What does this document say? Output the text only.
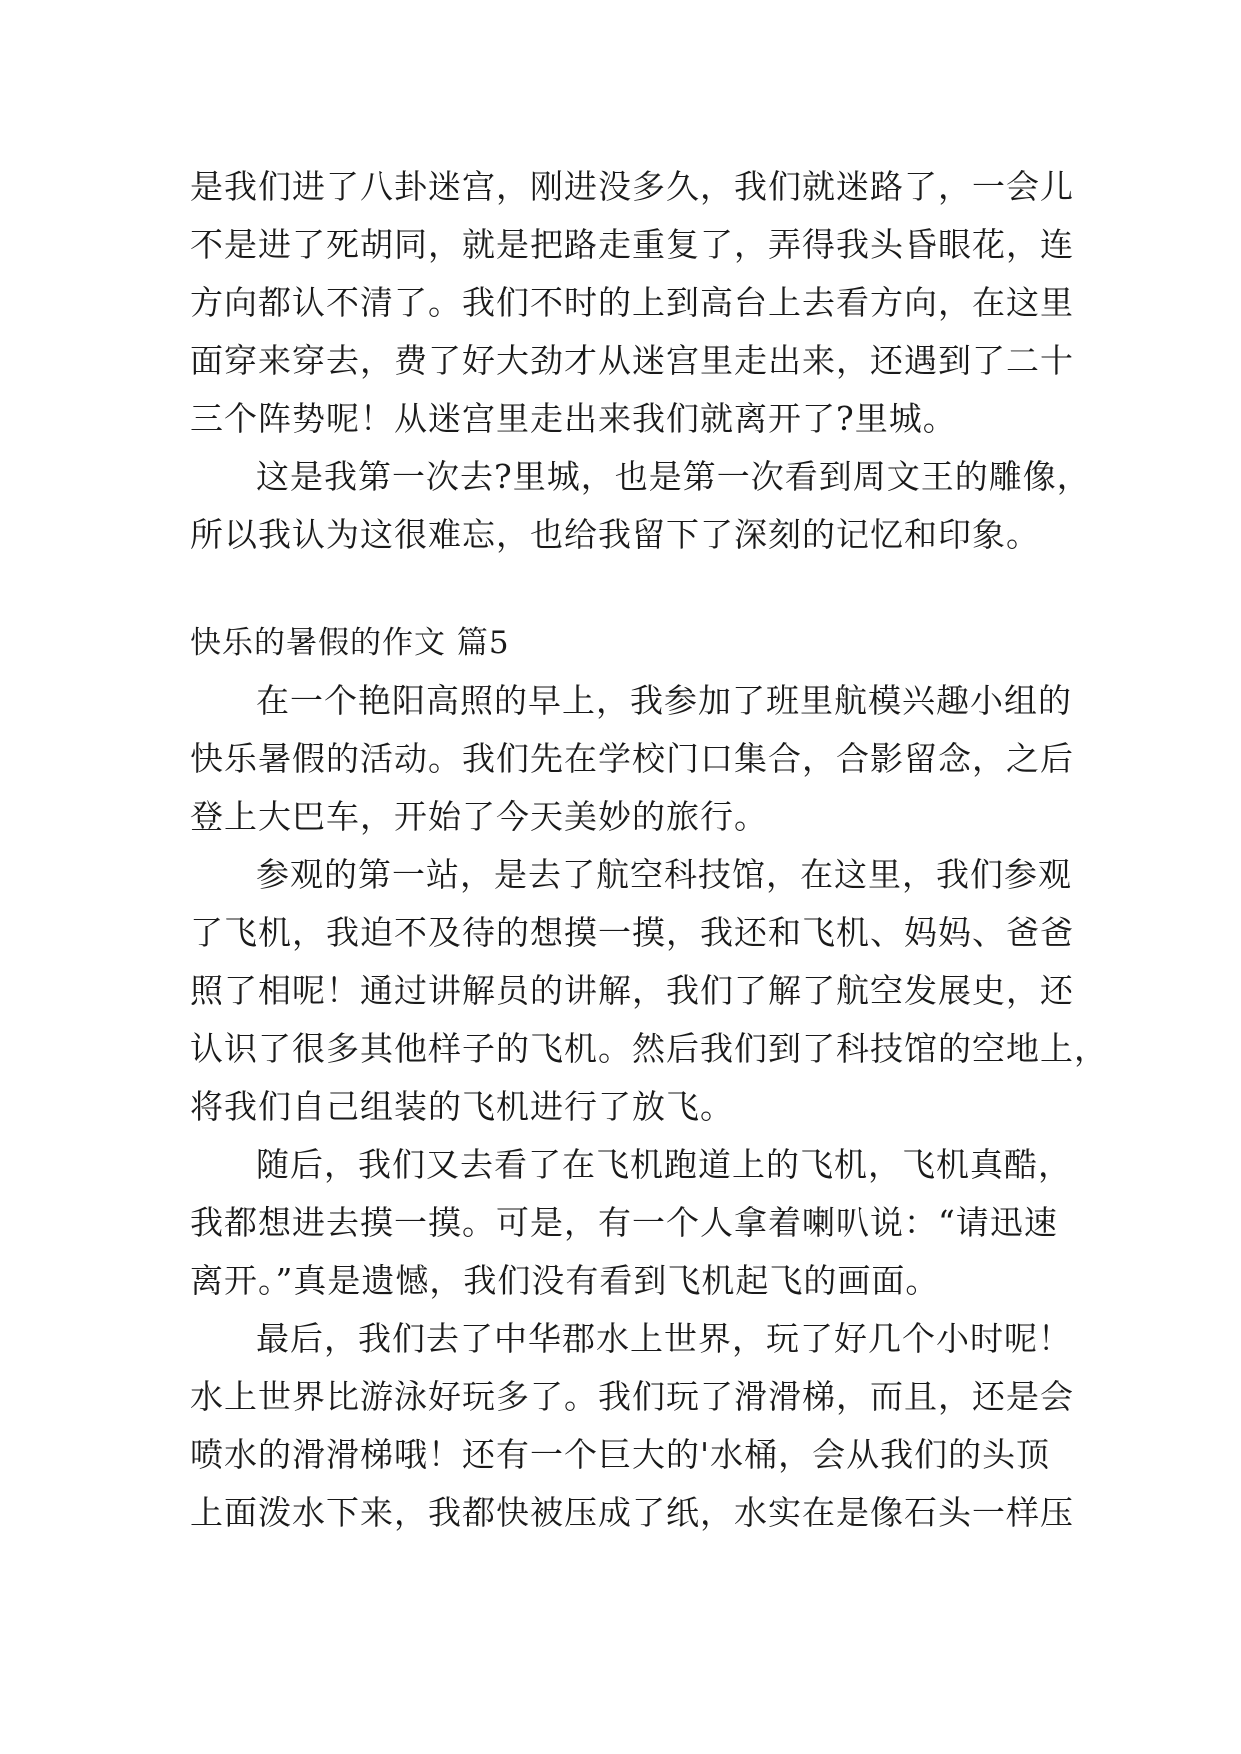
是我们进了八卦迷宫，刚进没多久，我们就迷路了，一会儿
不是进了死胡同，就是把路走重复了，弄得我头昏眼花，连
方向都认不清了。我们不时的上到高台上去看方向，在这里
面穿来穿去，费了好大劲才从迷宫里走出来，还遇到了二十
三个阵势呢！从迷宫里走出来我们就离开了?里城。
这是我第一次去?里城，也是第一次看到周文王的雕像，
所以我认为这很难忘，也给我留下了深刻的记忆和印象。
快乐的暑假的作文 篇5
在一个艳阳高照的早上，我参加了班里航模兴趣小组的
快乐暑假的活动。我们先在学校门口集合，合影留念，之后
登上大巴车，开始了今天美妙的旅行。
参观的第一站，是去了航空科技馆，在这里，我们参观
了飞机，我迫不及待的想摸一摸，我还和飞机、妈妈、爸爸
照了相呢！通过讲解员的讲解，我们了解了航空发展史，还
认识了很多其他样子的飞机。然后我们到了科技馆的空地上，
将我们自己组装的飞机进行了放飞。
随后，我们又去看了在飞机跑道上的飞机，飞机真酷，
我都想进去摸一摸。可是，有一个人拿着喇叭说：“请迅速
离开。”真是遗憾，我们没有看到飞机起飞的画面。
最后，我们去了中华郡水上世界，玩了好几个小时呢！
水上世界比游泳好玩多了。我们玩了滑滑梯，而且，还是会
喷水的滑滑梯哦！还有一个巨大的'水桶，会从我们的头顶
上面泼水下来，我都快被压成了纸，水实在是像石头一样压
